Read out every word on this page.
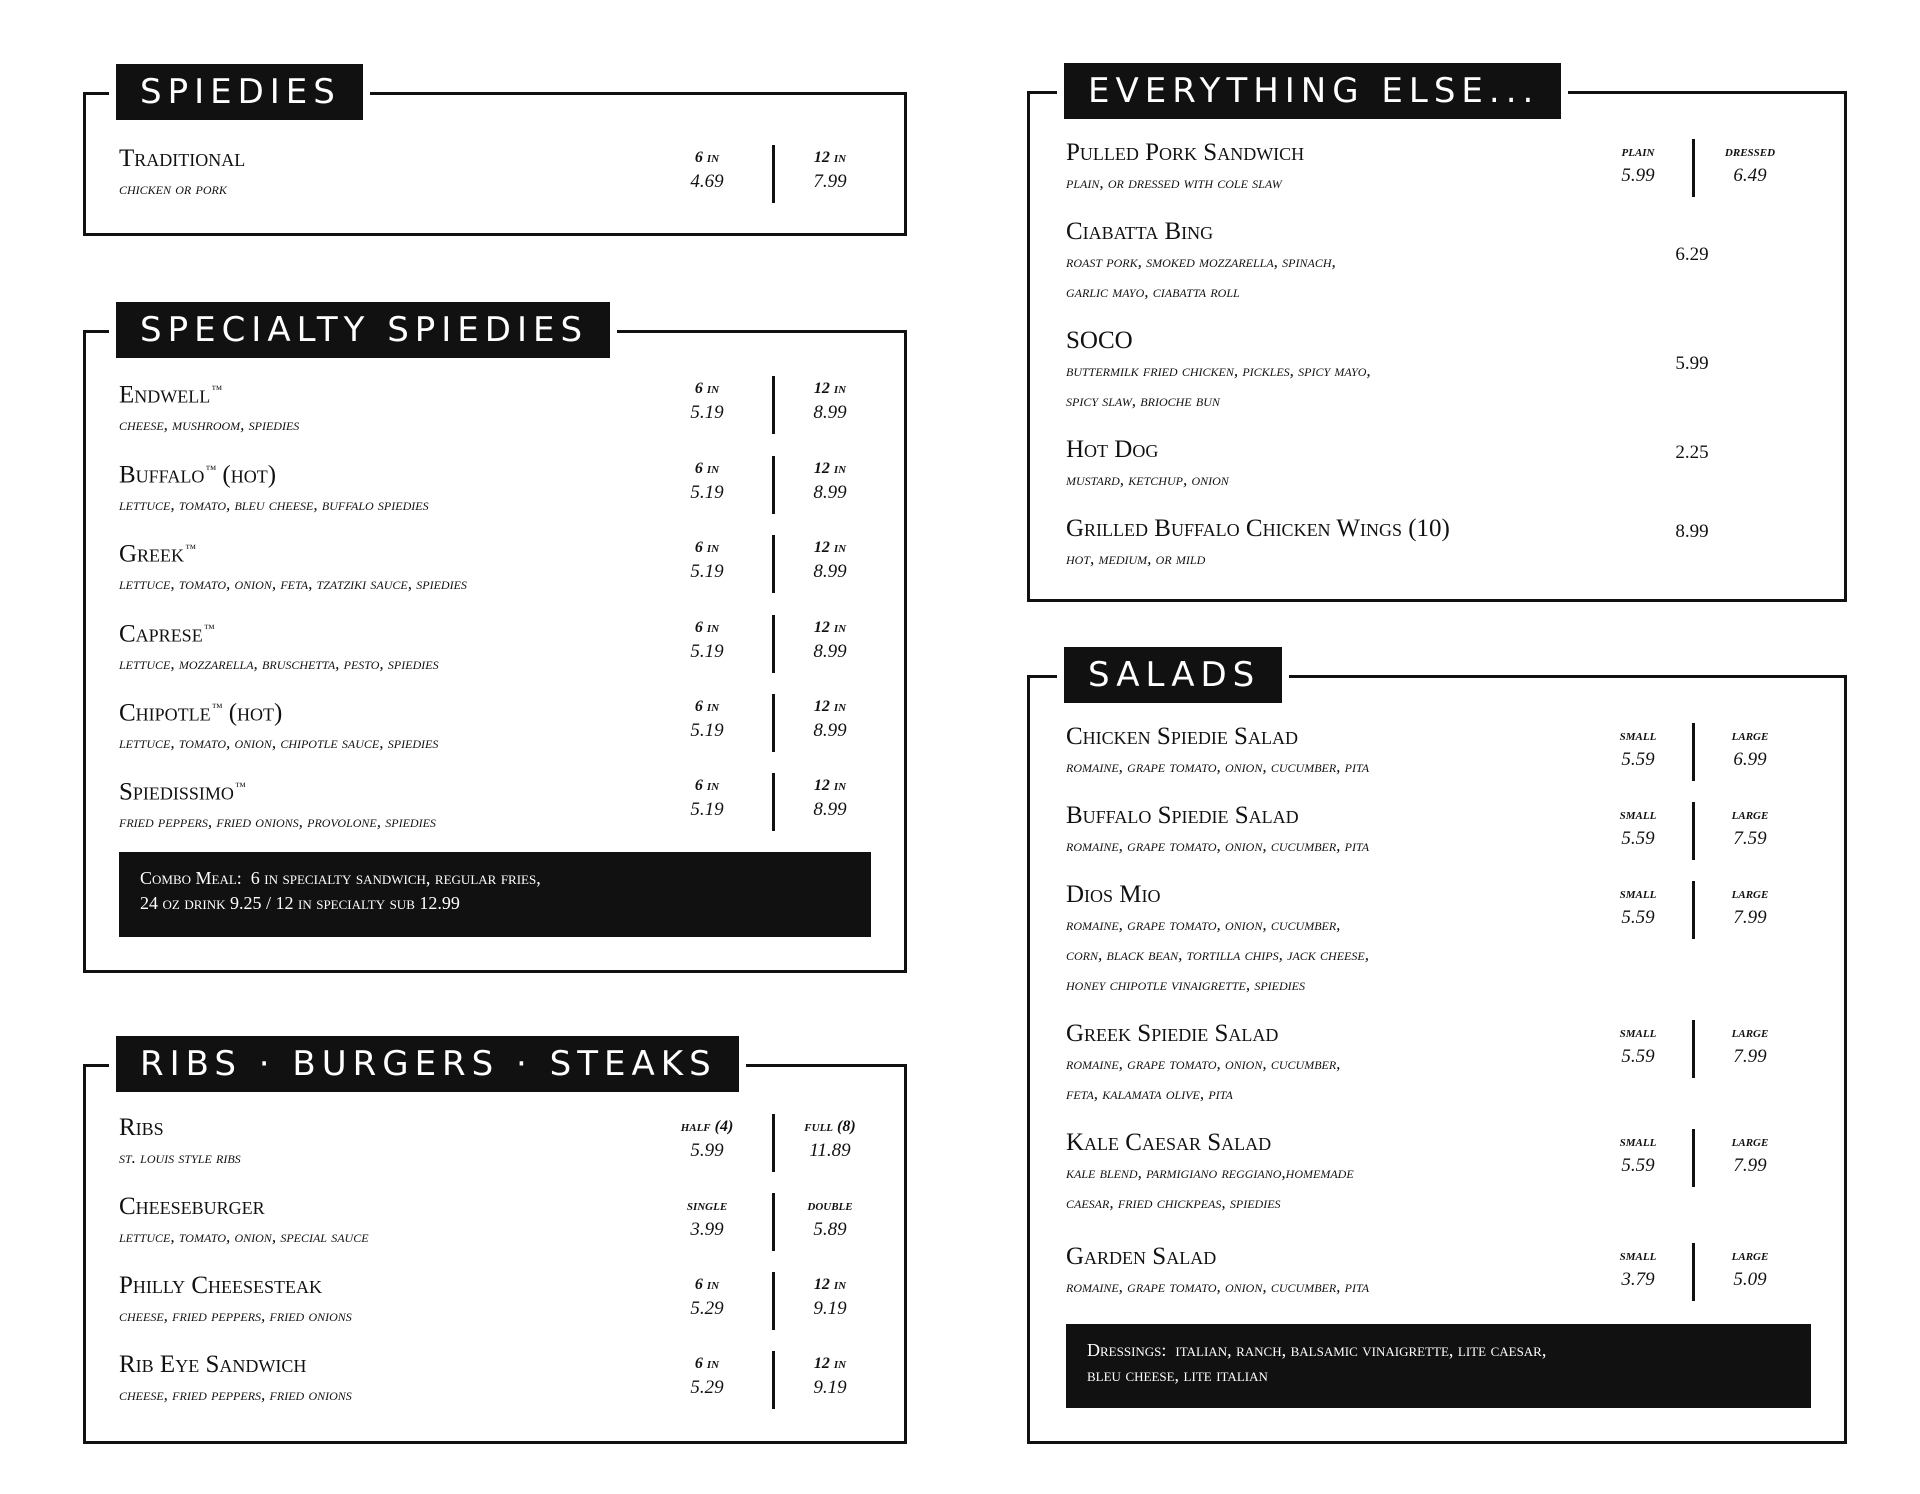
SPIEDIES
Traditional
chicken or pork
6 in
4.69
12 in
7.99
SPECIALTY SPIEDIES
Endwell™
cheese, mushroom, spiedies
6 in
5.19
12 in
8.99
Buffalo™ (hot)
lettuce, tomato, bleu cheese, buffalo spiedies
6 in
5.19
12 in
8.99
Greek™
lettuce, tomato, onion, feta, tzatziki sauce, spiedies
6 in
5.19
12 in
8.99
Caprese™
lettuce, mozzarella, bruschetta, pesto, spiedies
6 in
5.19
12 in
8.99
Chipotle™ (hot)
lettuce, tomato, onion, chipotle sauce, spiedies
6 in
5.19
12 in
8.99
Spiedissimo™
fried peppers, fried onions, provolone, spiedies
6 in
5.19
12 in
8.99
Combo Meal: 6 in specialty sandwich, regular fries,
24 oz drink 9.25 / 12 in specialty sub 12.99
RIBS · BURGERS · STEAKS
Ribs
st. louis style ribs
half (4)
5.99
full (8)
11.89
Cheeseburger
lettuce, tomato, onion, special sauce
single
3.99
double
5.89
Philly Cheesesteak
cheese, fried peppers, fried onions
6 in
5.29
12 in
9.19
Rib Eye Sandwich
cheese, fried peppers, fried onions
6 in
5.29
12 in
9.19
EVERYTHING ELSE...
Pulled Pork Sandwich
plain, or dressed with cole slaw
plain
5.99
dressed
6.49
Ciabatta Bing
roast pork, smoked mozzarella, spinach,
garlic mayo, ciabatta roll
6.29
SOCO
buttermilk fried chicken, pickles, spicy mayo,
spicy slaw, brioche bun
5.99
Hot Dog
mustard, ketchup, onion
2.25
Grilled Buffalo Chicken Wings (10)
hot, medium, or mild
8.99
SALADS
Chicken Spiedie Salad
romaine, grape tomato, onion, cucumber, pita
small
5.59
large
6.99
Buffalo Spiedie Salad
romaine, grape tomato, onion, cucumber, pita
small
5.59
large
7.59
Dios Mio
romaine, grape tomato, onion, cucumber,
corn, black bean, tortilla chips, jack cheese,
honey chipotle vinaigrette, spiedies
small
5.59
large
7.99
Greek Spiedie Salad
romaine, grape tomato, onion, cucumber,
feta, kalamata olive, pita
small
5.59
large
7.99
Kale Caesar Salad
kale blend, parmigiano reggiano,homemade
caesar, fried chickpeas, spiedies
small
5.59
large
7.99
Garden Salad
romaine, grape tomato, onion, cucumber, pita
small
3.79
large
5.09
Dressings: italian, ranch, balsamic vinaigrette, lite caesar,
bleu cheese, lite italian
